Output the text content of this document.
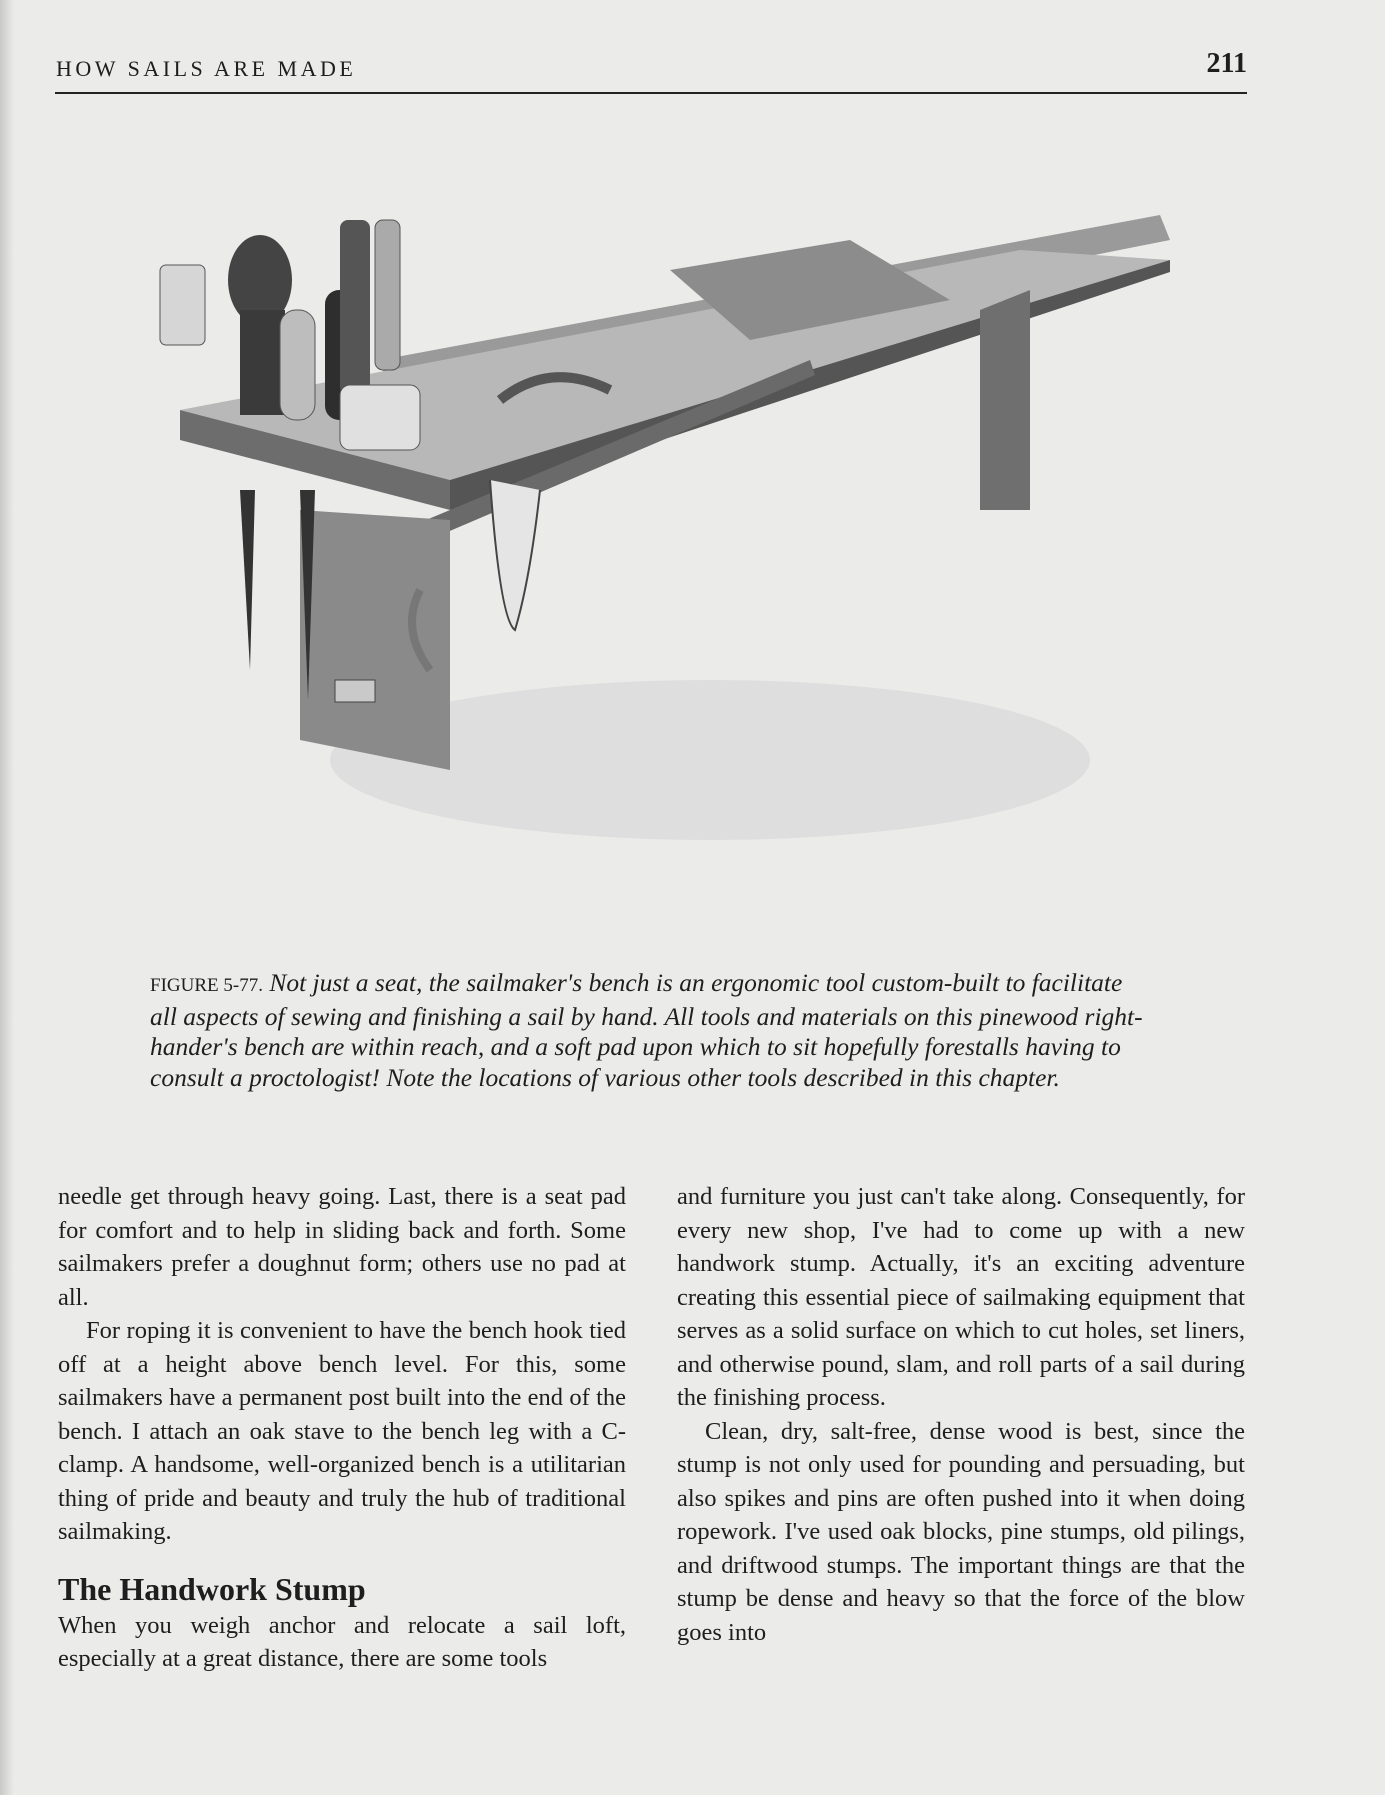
HOW SAILS ARE MADE	211
FIGURE 5-77. Not just a seat, the sailmaker's bench is an ergonomic tool custom-built to facilitate all aspects of sewing and finishing a sail by hand. All tools and materials on this pinewood right-hander's bench are within reach, and a soft pad upon which to sit hopefully forestalls having to consult a proctologist! Note the locations of various other tools described in this chapter.

needle get through heavy going. Last, there is a seat pad for comfort and to help in sliding back and forth. Some sailmakers prefer a doughnut form; others use no pad at all.

For roping it is convenient to have the bench hook tied off at a height above bench level. For this, some sailmakers have a permanent post built into the end of the bench. I attach an oak stave to the bench leg with a C-clamp. A handsome, well-organized bench is a utilitarian thing of pride and beauty and truly the hub of traditional sailmaking.

The Handwork Stump

When you weigh anchor and relocate a sail loft, especially at a great distance, there are some tools

and furniture you just can't take along. Consequently, for every new shop, I've had to come up with a new handwork stump. Actually, it's an exciting adventure creating this essential piece of sailmaking equipment that serves as a solid surface on which to cut holes, set liners, and otherwise pound, slam, and roll parts of a sail during the finishing process.

Clean, dry, salt-free, dense wood is best, since the stump is not only used for pounding and persuading, but also spikes and pins are often pushed into it when doing ropework. I've used oak blocks, pine stumps, old pilings, and driftwood stumps. The important things are that the stump be dense and heavy so that the force of the blow goes into
